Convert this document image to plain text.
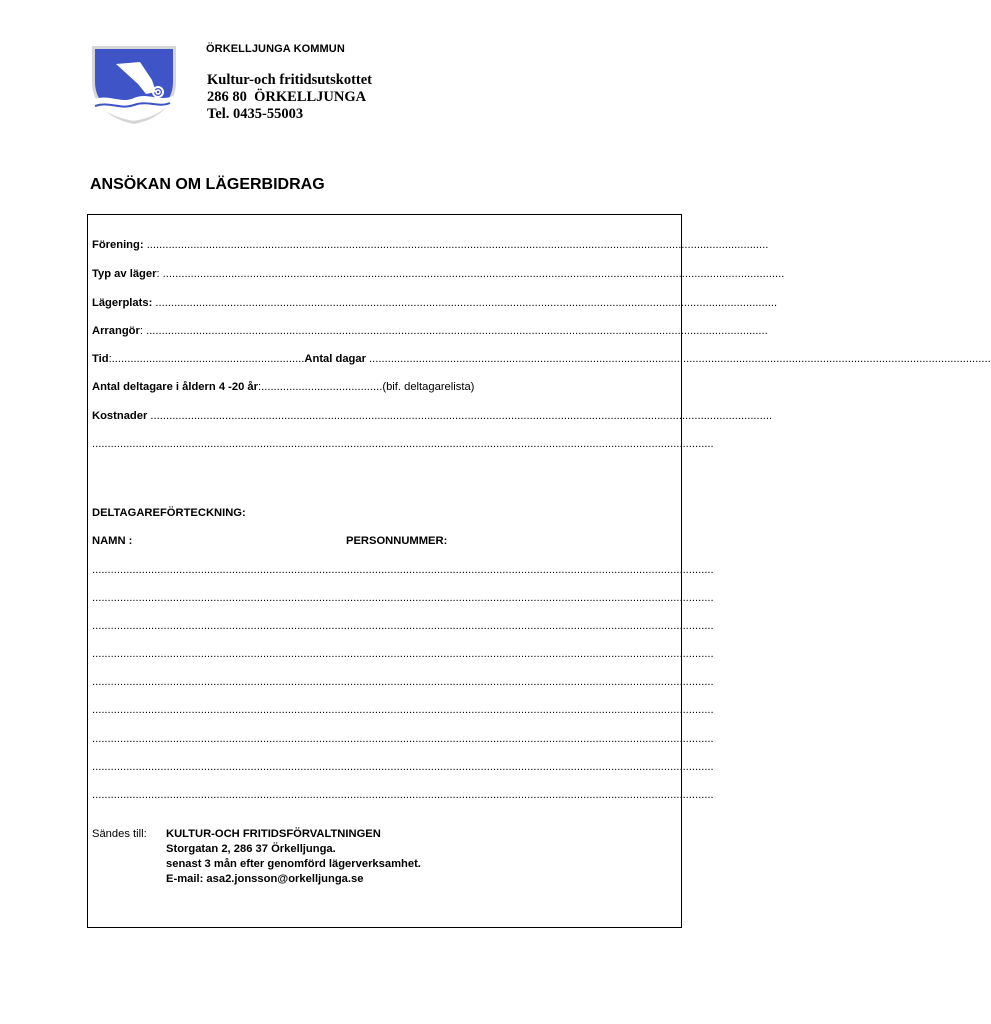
ÖRKELLJUNGA KOMMUN
Kultur-och fritidsutskottet
286 80  ÖRKELLJUNGA
Tel. 0435-55003
ANSÖKAN OM LÄGERBIDRAG
Förening: ........................................................................................................................................................................................................
Typ av läger: ........................................................................................................................................................................................................
Lägerplats: ........................................................................................................................................................................................................
Arrangör: ........................................................................................................................................................................................................
Tid:..............................................................Antal dagar ........................................................................................................................................................................................................
Antal deltagare i åldern 4 -20 år:.......................................(bif. deltagarelista)
Kostnader ........................................................................................................................................................................................................
........................................................................................................................................................................................................
DELTAGAREFÖRTECKNING:
NAMN :	PERSONNUMMER:
........................................................................................................................................................................................................
........................................................................................................................................................................................................
........................................................................................................................................................................................................
........................................................................................................................................................................................................
........................................................................................................................................................................................................
........................................................................................................................................................................................................
........................................................................................................................................................................................................
........................................................................................................................................................................................................
........................................................................................................................................................................................................
Sändes till: KULTUR-OCH FRITIDSFÖRVALTNINGEN
Storgatan 2, 286 37 Örkelljunga.
senast 3 mån efter genomförd lägerverksamhet.
E-mail: asa2.jonsson@orkelljunga.se
